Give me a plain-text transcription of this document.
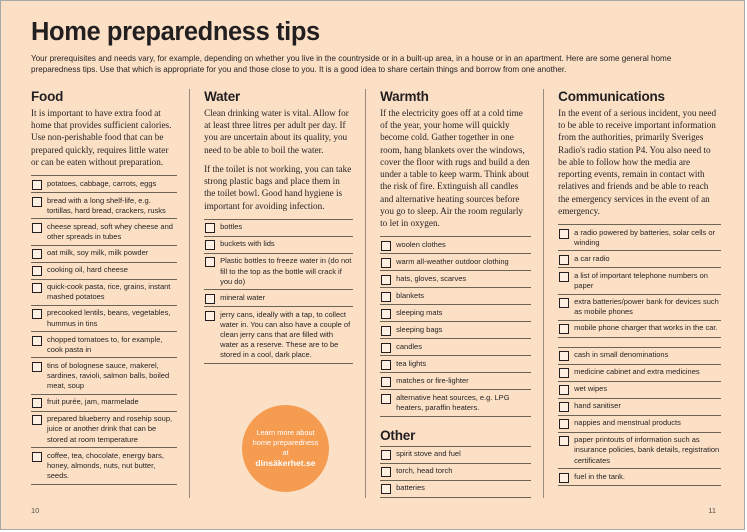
Home preparedness tips

Your prerequisites and needs vary, for example, depending on whether you live in the countryside or in a built-up area, in a house or in an apartment. Here are some general home preparedness tips. Use that which is appropriate for you and those close to you. It is a good idea to share certain things and borrow from one another.

Food

It is important to have extra food at home that provides sufficient calories. Use non-perishable food that can be prepared quickly, requires little water or can be eaten without preparation.

potatoes, cabbage, carrots, eggs
bread with a long shelf-life, e.g. tortillas, hard bread, crackers, rusks
cheese spread, soft whey cheese and other spreads in tubes
oat milk, soy milk, milk powder
cooking oil, hard cheese
quick-cook pasta, rice, grains, instant mashed potatoes
precooked lentils, beans, vegetables, hummus in tins
chopped tomatoes to, for example, cook pasta in
tins of bolognese sauce, makerel, sardines, ravioli, salmon balls, boiled meat, soup
fruit purée, jam, marmelade
prepared blueberry and rosehip soup, juice or another drink that can be stored at room temperature
coffee, tea, chocolate, energy bars, honey, almonds, nuts, nut butter, seeds.
Water

Clean drinking water is vital. Allow for at least three litres per adult per day. If you are uncertain about its quality, you need to be able to boil the water.

If the toilet is not working, you can take strong plastic bags and place them in the toilet bowl. Good hand hygiene is important for avoiding infection.

bottles
buckets with lids
Plastic bottles to freeze water in (do not fill to the top as the bottle will crack if you do)
mineral water
jerry cans, ideally with a tap, to collect water in. You can also have a couple of clean jerry cans that are filled with water as a reserve. These are to be stored in a cool, dark place.
Warmth

If the electricity goes off at a cold time of the year, your home will quickly become cold. Gather together in one room, hang blankets over the windows, cover the floor with rugs and build a den under a table to keep warm. Think about the risk of fire. Extinguish all candles and alternative heating sources before you go to sleep. Air the room regularly to let in oxygen.

woolen clothes
warm all-weather outdoor clothing
hats, gloves, scarves
blankets
sleeping mats
sleeping bags
candles
tea lights
matches or fire-lighter
alternative heat sources, e.g. LPG heaters, paraffin heaters.
Other
spirit stove and fuel
torch, head torch
batteries
Communications

In the event of a serious incident, you need to be able to receive important information from the authorities, primarily Sveriges Radio's radio station P4. You also need to be able to follow how the media are reporting events, remain in contact with relatives and friends and be able to reach the emergency services in the event of an emergency.

a radio powered by batteries, solar cells or winding
a car radio
a list of important telephone numbers on paper
extra batteries/power bank for devices such as mobile phones
mobile phone charger that works in the car.
cash in small denominations
medicine cabinet and extra medicines
wet wipes
hand sanitiser
nappies and menstrual products
paper printouts of information such as insurance policies, bank details, registration certificates
fuel in the tank.
Learn more about
home preparedness
at
dinsäkerhet.se
10	11
